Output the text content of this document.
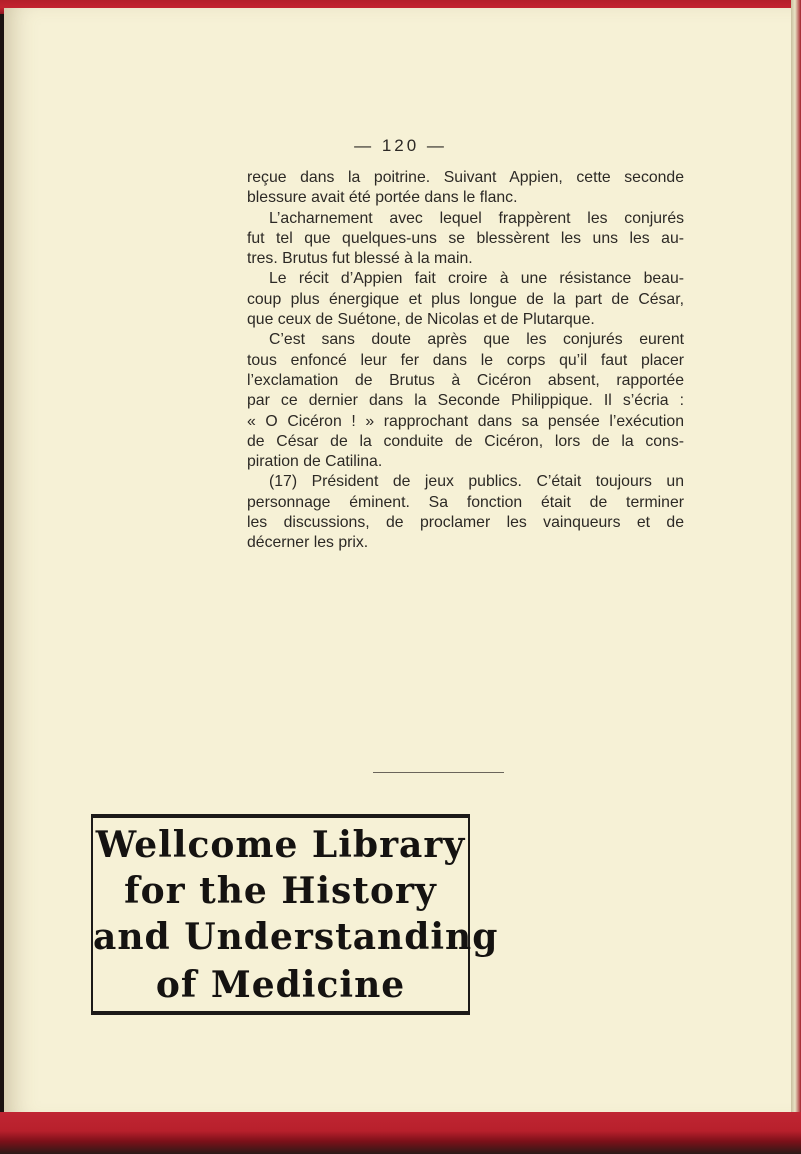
— 120 —

reçue dans la poitrine. Suivant Appien, cette seconde
blessure avait été portée dans le flanc.

L’acharnement avec lequel frappèrent les conjurés
fut tel que quelques-uns se blessèrent les uns les au-
tres. Brutus fut blessé à la main.

Le récit d’Appien fait croire à une résistance beau-
coup plus énergique et plus longue de la part de César,
que ceux de Suétone, de Nicolas et de Plutarque.

C’est sans doute après que les conjurés eurent
tous enfoncé leur fer dans le corps qu’il faut placer
l’exclamation de Brutus à Cicéron absent, rapportée
par ce dernier dans la Seconde Philippique. Il s’écria :
« O Cicéron ! » rapprochant dans sa pensée l’exécution
de César de la conduite de Cicéron, lors de la cons-
piration de Catilina.

(17) Président de jeux publics. C’était toujours un
personnage éminent. Sa fonction était de terminer
les discussions, de proclamer les vainqueurs et de
décerner les prix.

Wellcome Library
for the History
and Understanding
of Medicine
